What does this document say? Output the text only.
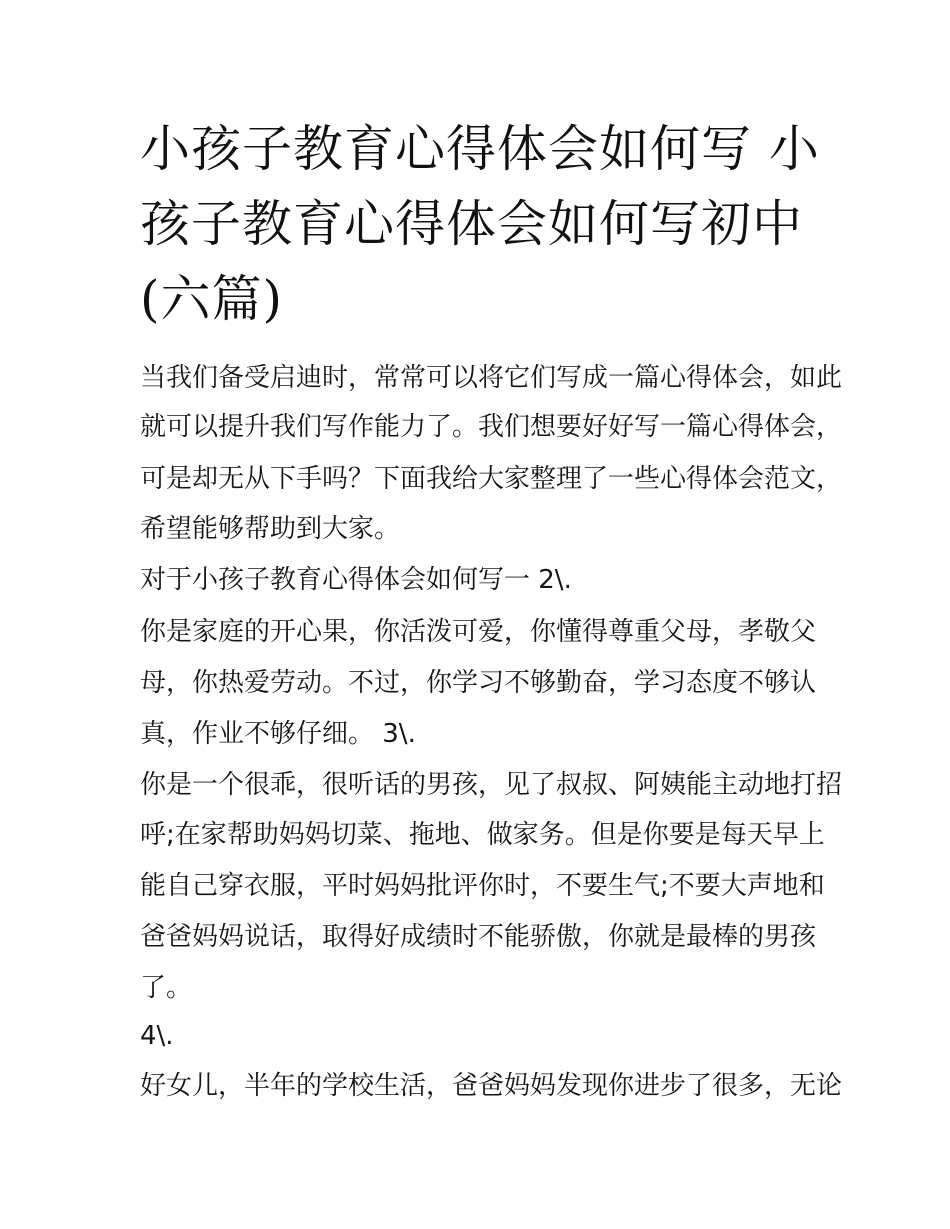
小孩子教育心得体会如何写 小
孩子教育心得体会如何写初中
(六篇)

当我们备受启迪时，常常可以将它们写成一篇心得体会，如此

就可以提升我们写作能力了。我们想要好好写一篇心得体会，

可是却无从下手吗？下面我给大家整理了一些心得体会范文，

希望能够帮助到大家。

对于小孩子教育心得体会如何写一 2\.

你是家庭的开心果，你活泼可爱，你懂得尊重父母，孝敬父

母，你热爱劳动。不过，你学习不够勤奋，学习态度不够认

真，作业不够仔细。 3\.

你是一个很乖，很听话的男孩，见了叔叔、阿姨能主动地打招

呼;在家帮助妈妈切菜、拖地、做家务。但是你要是每天早上

能自己穿衣服，平时妈妈批评你时，不要生气;不要大声地和

爸爸妈妈说话，取得好成绩时不能骄傲，你就是最棒的男孩

了。

4\.

好女儿，半年的学校生活，爸爸妈妈发现你进步了很多，无论
